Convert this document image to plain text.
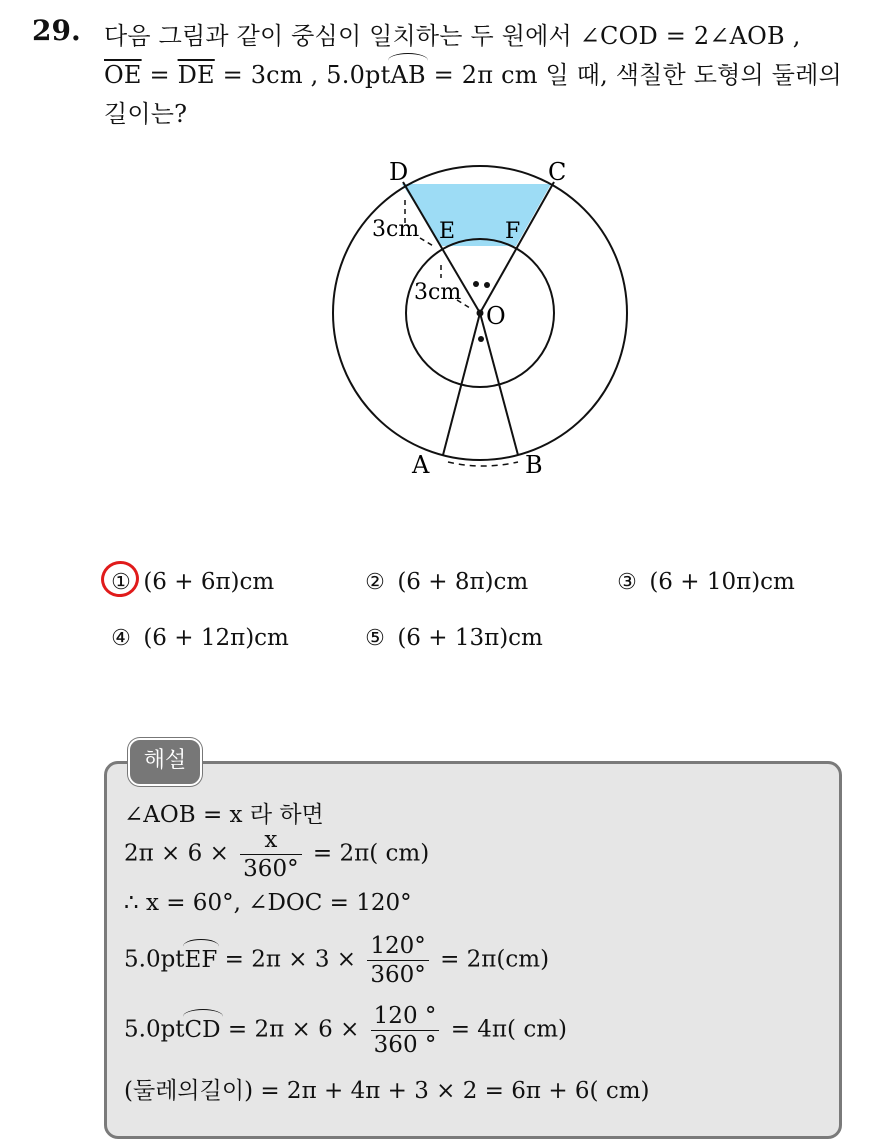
29. 다음 그림과 같이 중심이 일치하는 두 원에서 ∠COD = 2∠AOB ,
$\overline{OE} = \overline{DE} = 3cm$ , 5.0ptAB = 2π cm 일 때, 색칠한 도형의 둘레의
길이는?
D	C
E F
O
A	B
3cm
3cm
① (6 + 6π)cm	② (6 + 8π)cm	③ (6 + 10π)cm
④ (6 + 12π)cm	⑤ (6 + 13π)cm
해설
∠AOB = x 라 하면
$2\pi \times 6 \times \frac{x}{360^\circ} = 2\pi$( cm)
∴ x = 60°, ∠DOC = 120°
5.0ptEF = $2\pi \times 3 \times \frac{120^\circ}{360^\circ} = 2\pi(cm)$
5.0ptCD = $2\pi \times 6 \times \frac{120 ^\circ}{360 ^\circ} = 4\pi$( cm)
(둘레의길이) = 2π + 4π + 3 × 2 = 6π + 6( cm)
